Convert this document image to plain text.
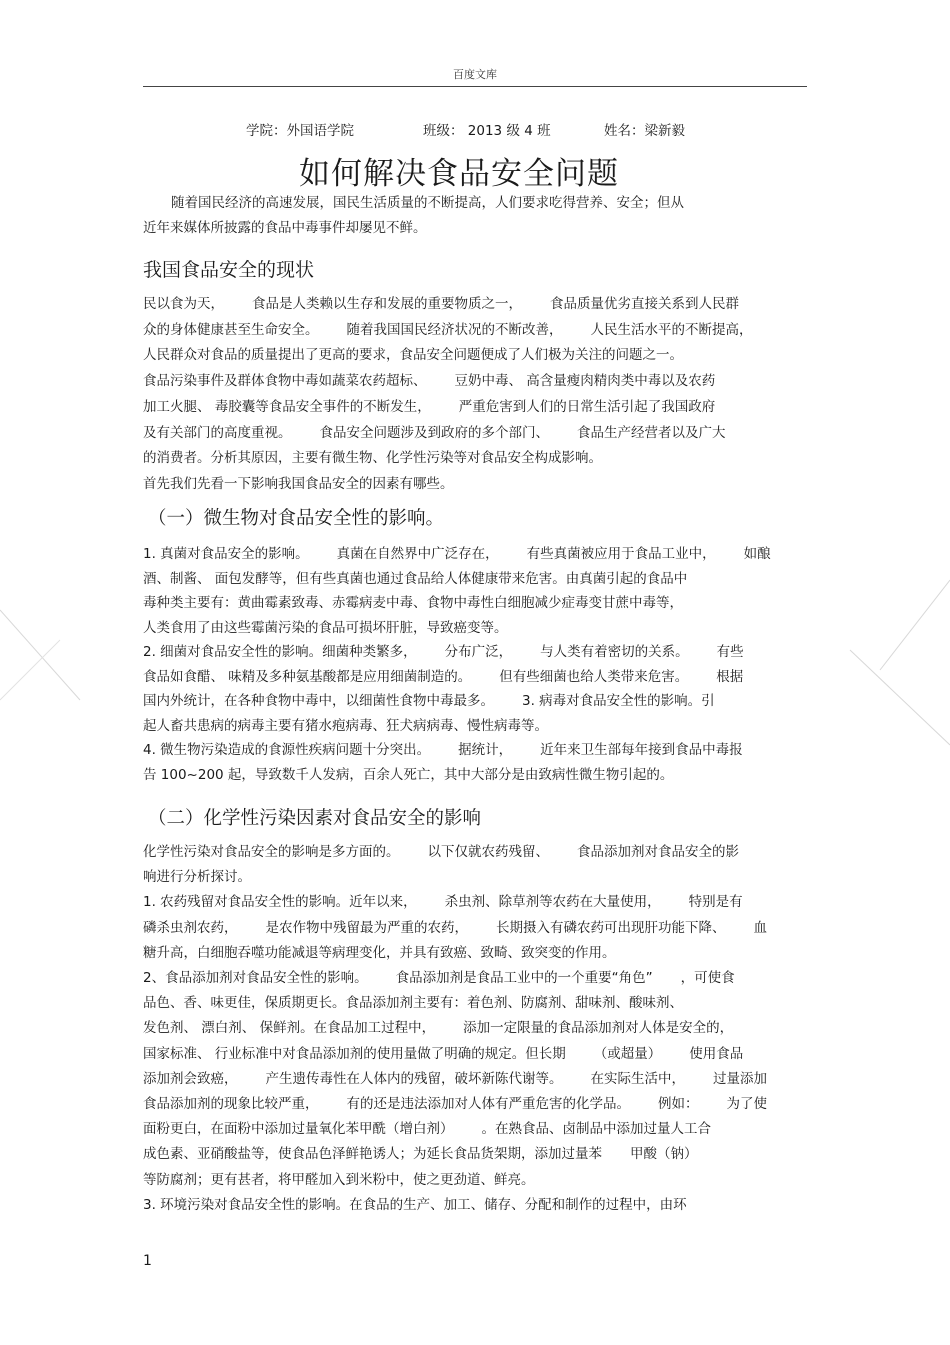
百度文库
学院：外国语学院	班级： 2013 级 4 班	姓名：梁新毅
如何解决食品安全问题
随着国民经济的高速发展，国民生活质量的不断提高，人们要求吃得营养、安全；但从
近年来媒体所披露的食品中毒事件却屡见不鲜。
我国食品安全的现状
民以食为天， 食品是人类赖以生存和发展的重要物质之一， 食品质量优劣直接关系到人民群
众的身体健康甚至生命安全。 随着我国国民经济状况的不断改善， 人民生活水平的不断提高，
人民群众对食品的质量提出了更高的要求，食品安全问题便成了人们极为关注的问题之一。
食品污染事件及群体食物中毒如蔬菜农药超标、 豆奶中毒、 高含量瘦肉精肉类中毒以及农药
加工火腿、 毒胶囊等食品安全事件的不断发生， 严重危害到人们的日常生活引起了我国政府
及有关部门的高度重视。 食品安全问题涉及到政府的多个部门、 食品生产经营者以及广大
的消费者。分析其原因，主要有微生物、化学性污染等对食品安全构成影响。
首先我们先看一下影响我国食品安全的因素有哪些。
（一）微生物对食品安全性的影响。
1. 真菌对食品安全的影响。 真菌在自然界中广泛存在， 有些真菌被应用于食品工业中， 如酿
酒、制酱、 面包发酵等，但有些真菌也通过食品给人体健康带来危害。由真菌引起的食品中
毒种类主要有：黄曲霉素致毒、赤霉病麦中毒、食物中毒性白细胞减少症毒变甘蔗中毒等，
人类食用了由这些霉菌污染的食品可损坏肝脏，导致癌变等。
2. 细菌对食品安全性的影响。细菌种类繁多， 分布广泛， 与人类有着密切的关系。 有些
食品如食醋、 味精及多种氨基酸都是应用细菌制造的。 但有些细菌也给人类带来危害。 根据
国内外统计，在各种食物中毒中，以细菌性食物中毒最多。 3. 病毒对食品安全性的影响。引
起人畜共患病的病毒主要有猪水疱病毒、狂犬病病毒、慢性病毒等。
4. 微生物污染造成的食源性疾病问题十分突出。 据统计， 近年来卫生部每年接到食品中毒报
告 100~200 起，导致数千人发病，百余人死亡，其中大部分是由致病性微生物引起的。
（二）化学性污染因素对食品安全的影响
化学性污染对食品安全的影响是多方面的。 以下仅就农药残留、 食品添加剂对食品安全的影
响进行分析探讨。
1. 农药残留对食品安全性的影响。近年以来， 杀虫剂、除草剂等农药在大量使用， 特别是有
磷杀虫剂农药， 是农作物中残留最为严重的农药， 长期摄入有磷农药可出现肝功能下降、 血
糖升高，白细胞吞噬功能减退等病理变化，并具有致癌、致畸、致突变的作用。
2、食品添加剂对食品安全性的影响。 食品添加剂是食品工业中的一个重要“角色” ，可使食
品色、香、味更佳，保质期更长。食品添加剂主要有：着色剂、防腐剂、甜味剂、酸味剂、
发色剂、 漂白剂、 保鲜剂。在食品加工过程中， 添加一定限量的食品添加剂对人体是安全的，
国家标准、 行业标准中对食品添加剂的使用量做了明确的规定。但长期 （或超量） 使用食品
添加剂会致癌， 产生遗传毒性在人体内的残留，破坏新陈代谢等。 在实际生活中， 过量添加
食品添加剂的现象比较严重， 有的还是违法添加对人体有严重危害的化学品。 例如： 为了使
面粉更白，在面粉中添加过量氧化苯甲酰（增白剂） 。在熟食品、卤制品中添加过量人工合
成色素、亚硝酸盐等，使食品色泽鲜艳诱人；为延长食品货架期，添加过量苯 甲酸（钠）
等防腐剂；更有甚者，将甲醛加入到米粉中，使之更劲道、鲜亮。
3. 环境污染对食品安全性的影响。在食品的生产、加工、储存、分配和制作的过程中，由环
1
